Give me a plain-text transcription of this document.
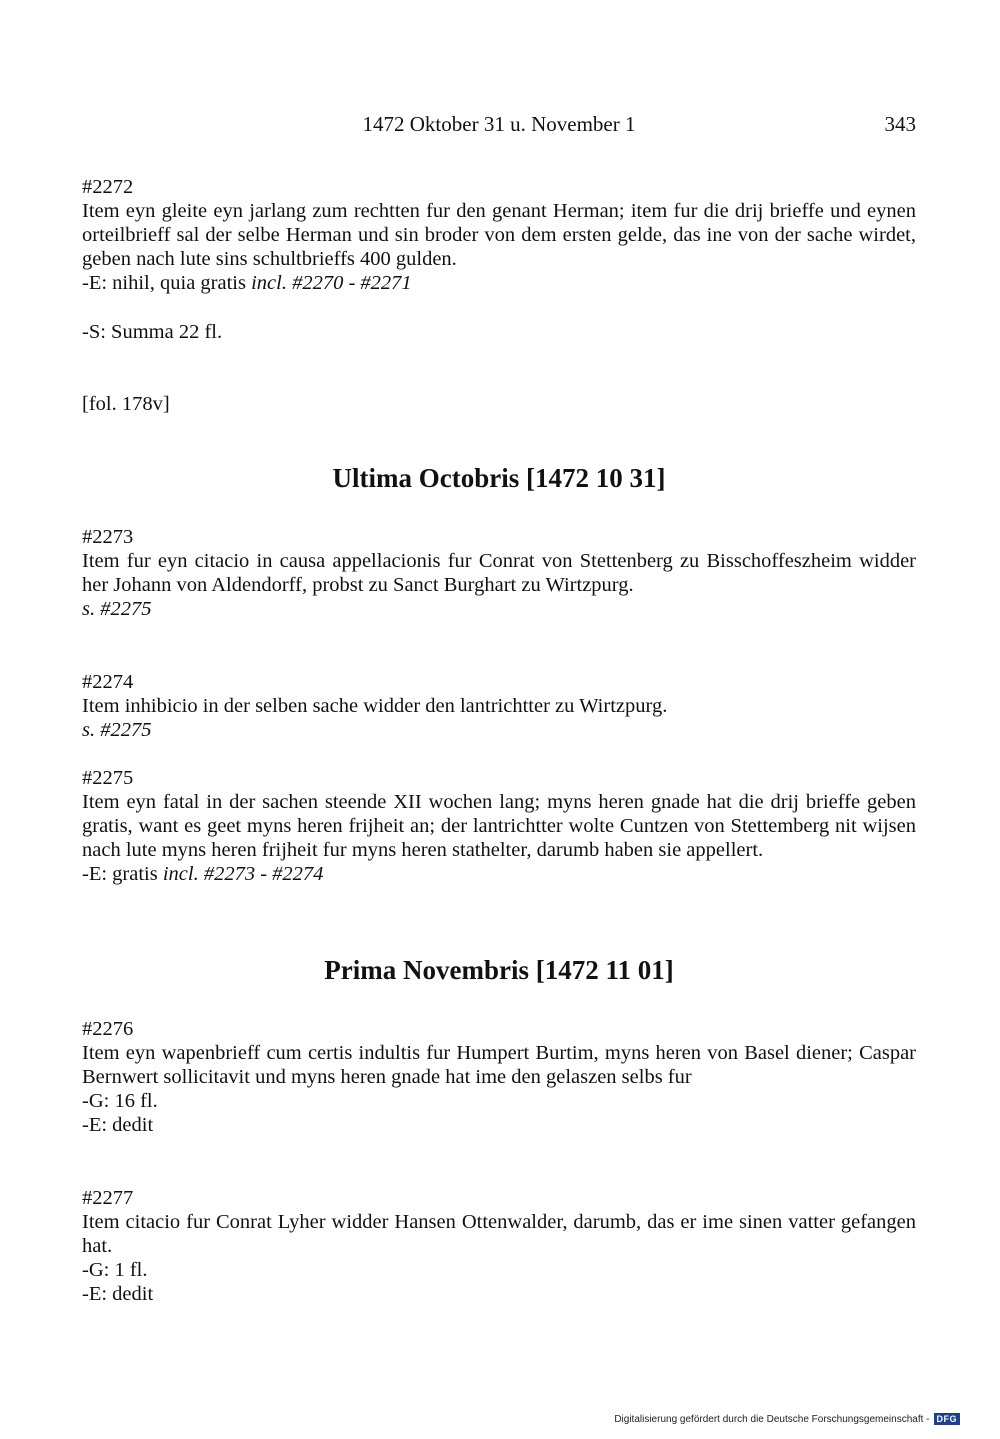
1472 Oktober 31 u. November 1	343
#2272
Item eyn gleite eyn jarlang zum rechtten fur den genant Herman; item fur die drij brieffe und eynen orteilbrieff sal der selbe Herman und sin broder von dem ersten gelde, das ine von der sache wirdet, geben nach lute sins schultbrieffs 400 gulden.
-E: nihil, quia gratis incl. #2270 - #2271
-S: Summa 22 fl.
[fol. 178v]
Ultima Octobris [1472 10 31]
#2273
Item fur eyn citacio in causa appellacionis fur Conrat von Stettenberg zu Bisschoffeszheim widder her Johann von Aldendorff, probst zu Sanct Burghart zu Wirtzpurg.
s. #2275
#2274
Item inhibicio in der selben sache widder den lantrichtter zu Wirtzpurg.
s. #2275
#2275
Item eyn fatal in der sachen steende XII wochen lang; myns heren gnade hat die drij brieffe geben gratis, want es geet myns heren frijheit an; der lantrichtter wolte Cuntzen von Stettemberg nit wijsen nach lute myns heren frijheit fur myns heren stathelter, darumb haben sie appellert.
-E: gratis incl. #2273 - #2274
Prima Novembris [1472 11 01]
#2276
Item eyn wapenbrieff cum certis indultis fur Humpert Burtim, myns heren von Basel diener; Caspar Bernwert sollicitavit und myns heren gnade hat ime den gelaszen selbs fur
-G: 16 fl.
-E: dedit
#2277
Item citacio fur Conrat Lyher widder Hansen Ottenwalder, darumb, das er ime sinen vatter gefangen hat.
-G: 1 fl.
-E: dedit
Digitalisierung gefördert durch die Deutsche Forschungsgemeinschaft - DFG
